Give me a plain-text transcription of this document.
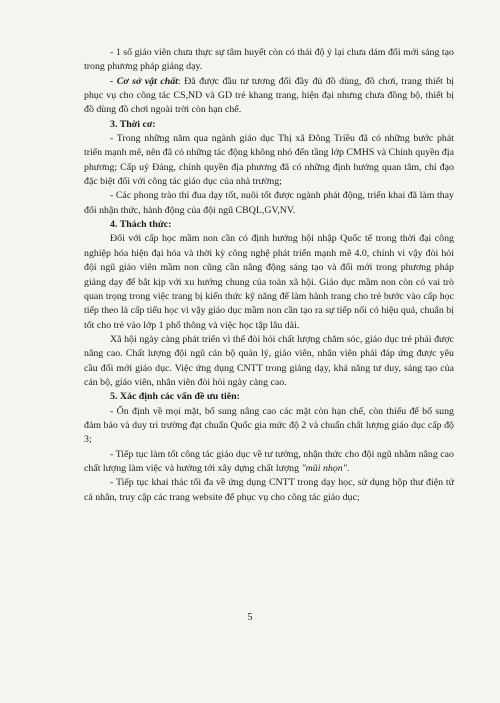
- 1 số giáo viên chưa thực sự tâm huyết còn có thái độ ỷ lại chưa dám đổi mới sáng tạo trong phương pháp giảng dạy.

- Cơ sở vật chất: Đã được đầu tư tương đối đầy đủ đồ dùng, đồ chơi, trang thiết bị phục vụ cho công tác CS,ND và GD trẻ khang trang, hiện đại nhưng chưa đồng bộ, thiết bị đồ dùng đồ chơi ngoài trời còn hạn chế.

3. Thời cơ:

- Trong những năm qua ngành giáo dục Thị xã Đông Triều đã có những bước phát triển mạnh mẽ, nên đã có những tác động không nhỏ đến tầng lớp CMHS và Chính quyền địa phương; Cấp uỷ Đảng, chính quyền địa phương đã có những định hướng quan tâm, chỉ đạo đặc biệt đối với công tác giáo dục của nhà trường;

- Các phong trào thi đua dạy tốt, nuôi tốt được ngành phát động, triển khai đã làm thay đổi nhận thức, hành động của đội ngũ CBQL,GV,NV.

4. Thách thức:

Đối với cấp học mầm non cần có định hướng hội nhập Quốc tế trong thời đại công nghiệp hóa hiện đại hóa và thời kỳ công nghệ phát triển mạnh mẽ 4.0, chính vì vậy đòi hỏi đội ngũ giáo viên mầm non cũng cần nâng động sáng tạo và đổi mới trong phương pháp giảng dạy để bắt kịp với xu hướng chung của toàn xã hội. Giáo dục mầm non còn có vai trò quan trọng trong việc trang bị kiến thức kỹ năng để làm hành trang cho trẻ bước vào cấp học tiếp theo là cấp tiểu học vì vậy giáo dục mầm non cần tạo ra sự tiếp nối có hiệu quả, chuẩn bị tốt cho trẻ vào lớp 1 phổ thông và việc học tập lâu dài.

Xã hội ngày càng phát triển vì thế đòi hỏi chất lượng chăm sóc, giáo dục trẻ phải được nâng cao. Chất lượng đội ngũ cán bộ quản lý, giáo viên, nhân viên phải đáp ứng được yêu cầu đổi mới giáo dục. Việc ứng dụng CNTT trong giảng dạy, khả năng tư duy, sáng tạo của cán bộ, giáo viên, nhân viên đòi hỏi ngày càng cao.

5. Xác định các vấn đề ưu tiên:

- Ổn định về mọi mặt, bổ sung nâng cao các mặt còn hạn chế, còn thiếu để bổ sung đảm bảo và duy trì trường đạt chuẩn Quốc gia mức độ 2 và chuẩn chất lượng giáo dục cấp độ 3;

- Tiếp tục làm tốt công tác giáo dục về tư tưởng, nhận thức cho đội ngũ nhằm nâng cao chất lượng làm việc và hướng tới xây dựng chất lượng "mũi nhọn".

- Tiếp tục khai thác tối đa về ứng dụng CNTT trong dạy học, sử dụng hộp thư điện tử cá nhân, truy cập các trang website để phục vụ cho công tác giáo dục;

5
